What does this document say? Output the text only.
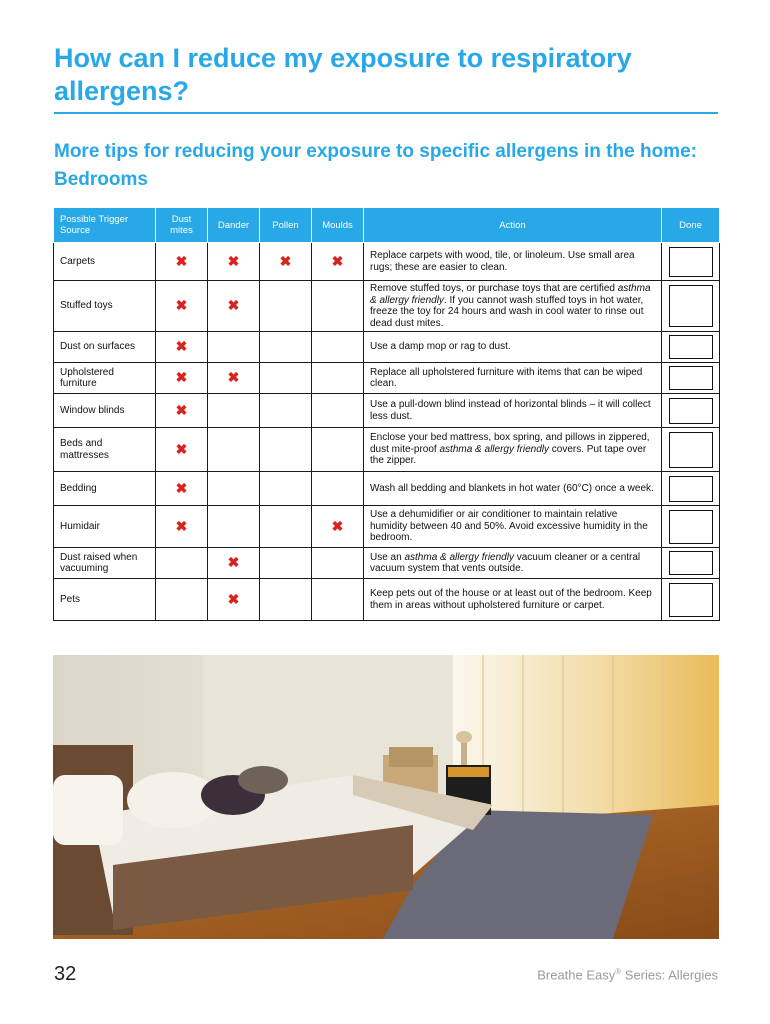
How can I reduce my exposure to respiratory allergens?
More tips for reducing your exposure to specific allergens in the home: Bedrooms
Possible Trigger Source	Dust mites	Dander	Pollen	Moulds	Action	Done
Carpets	✖	✖	✖	✖	Replace carpets with wood, tile, or linoleum. Use small area rugs; these are easier to clean.	

Stuffed toys	✖	✖			Remove stuffed toys, or purchase toys that are certified asthma & allergy friendly. If you cannot wash stuffed toys in hot water, freeze the toy for 24 hours and wash in cool water to rinse out dead dust mites.	

Dust on surfaces	✖				Use a damp mop or rag to dust.	

Upholstered furniture	✖	✖			Replace all upholstered furniture with items that can be wiped clean.	

Window blinds	✖				Use a pull-down blind instead of horizontal blinds – it will collect less dust.	

Beds and mattresses	✖				Enclose your bed mattress, box spring, and pillows in zippered, dust mite-proof asthma & allergy friendly covers. Put tape over the zipper.	

Bedding	✖				Wash all bedding and blankets in hot water (60°C) once a week.	

Humidair	✖			✖	Use a dehumidifier or air conditioner to maintain relative humidity between 40 and 50%. Avoid excessive humidity in the bedroom.	

Dust raised when vacuuming		✖			Use an asthma & allergy friendly vacuum cleaner or a central vacuum system that vents outside.	

Pets		✖			Keep pets out of the house or at least out of the bedroom. Keep them in areas without upholstered furniture or carpet.	
32	Breathe Easy® Series: Allergies
